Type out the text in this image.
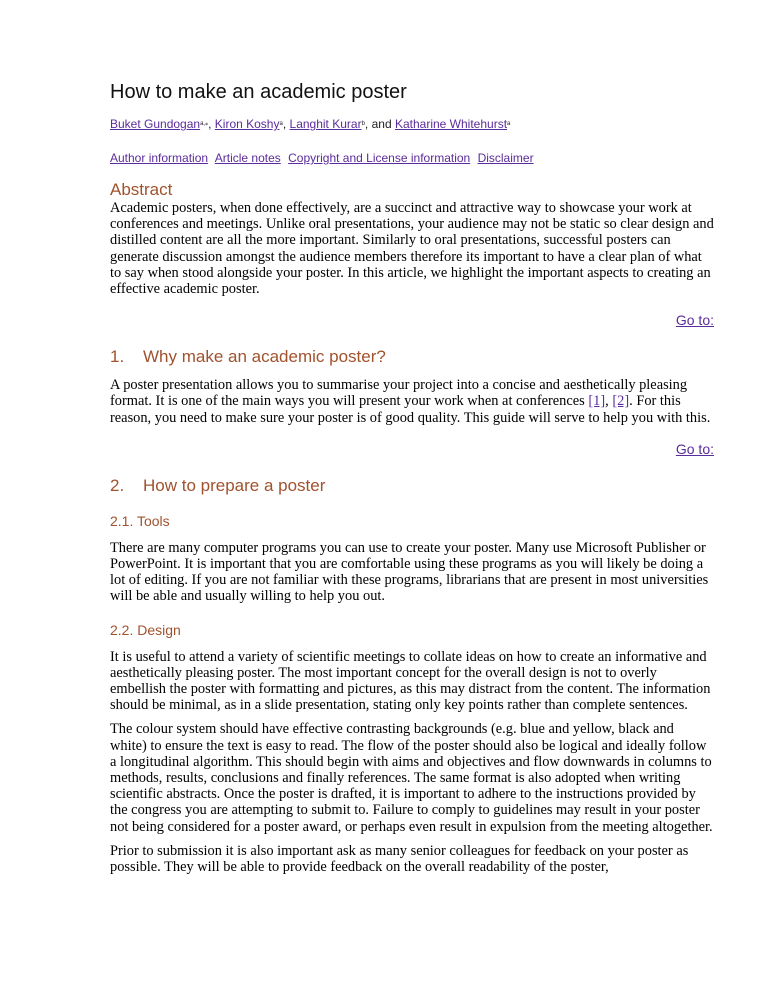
How to make an academic poster
Buket Gundogan$^{a,⁎}$, Kiron Koshy$^a$, Langhit Kurar$^b$, and Katharine Whitehurst$^a$
Author information Article notes Copyright and License information Disclaimer
Abstract

Academic posters, when done effectively, are a succinct and attractive way to showcase your work at conferences and meetings. Unlike oral presentations, your audience may not be static so clear design and distilled content are all the more important. Similarly to oral presentations, successful posters can generate discussion amongst the audience members therefore its important to have a clear plan of what to say when stood alongside your poster. In this article, we highlight the important aspects to creating an effective academic poster.

Go to:
1. Why make an academic poster?

A poster presentation allows you to summarise your project into a concise and aesthetically pleasing format. It is one of the main ways you will present your work when at conferences [1], [2]. For this reason, you need to make sure your poster is of good quality. This guide will serve to help you with this.

Go to:
2. How to prepare a poster
2.1. Tools

There are many computer programs you can use to create your poster. Many use Microsoft Publisher or PowerPoint. It is important that you are comfortable using these programs as you will likely be doing a lot of editing. If you are not familiar with these programs, librarians that are present in most universities will be able and usually willing to help you out.

2.2. Design

It is useful to attend a variety of scientific meetings to collate ideas on how to create an informative and aesthetically pleasing poster. The most important concept for the overall design is not to overly embellish the poster with formatting and pictures, as this may distract from the content. The information should be minimal, as in a slide presentation, stating only key points rather than complete sentences.

The colour system should have effective contrasting backgrounds (e.g. blue and yellow, black and white) to ensure the text is easy to read. The flow of the poster should also be logical and ideally follow a longitudinal algorithm. This should begin with aims and objectives and flow downwards in columns to methods, results, conclusions and finally references. The same format is also adopted when writing scientific abstracts. Once the poster is drafted, it is important to adhere to the instructions provided by the congress you are attempting to submit to. Failure to comply to guidelines may result in your poster not being considered for a poster award, or perhaps even result in expulsion from the meeting altogether.

Prior to submission it is also important ask as many senior colleagues for feedback on your poster as possible. They will be able to provide feedback on the overall readability of the poster,
